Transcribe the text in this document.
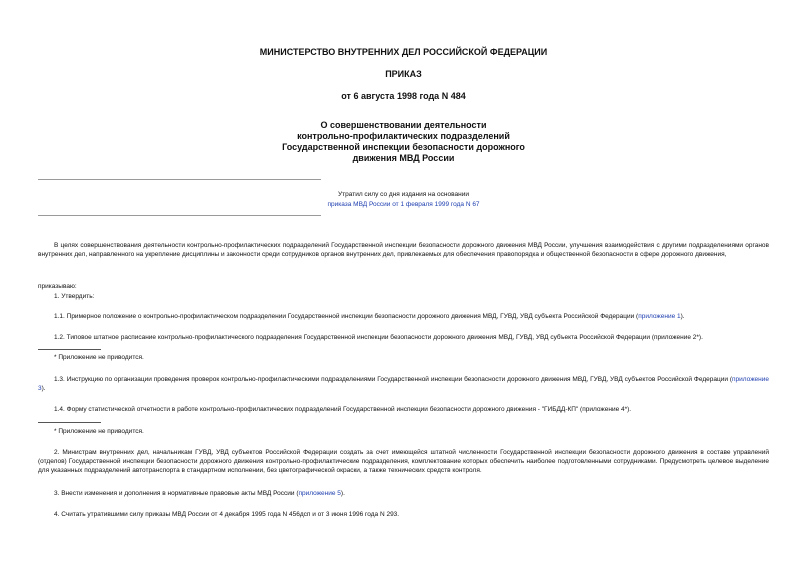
МИНИСТЕРСТВО ВНУТРЕННИХ ДЕЛ РОССИЙСКОЙ ФЕДЕРАЦИИ

ПРИКАЗ

от 6 августа 1998 года N 484

О совершенствовании деятельности

контрольно-профилактических подразделений

Государственной инспекции безопасности дорожного

движения МВД России

Утратил силу со дня издания на основании

приказа МВД России от 1 февраля 1999 года N 67

В целях совершенствования деятельности контрольно-профилактических подразделений Государственной инспекции безопасности дорожного движения МВД России, улучшения взаимодействия с другими подразделениями органов внутренних дел, направленного на укрепление дисциплины и законности среди сотрудников органов внутренних дел, привлекаемых для обеспечения правопорядка и общественной безопасности в сфере дорожного движения,

приказываю:

1. Утвердить:

1.1. Примерное положение о контрольно-профилактическом подразделении Государственной инспекции безопасности дорожного движения МВД, ГУВД, УВД субъекта Российской Федерации (приложение 1).

1.2. Типовое штатное расписание контрольно-профилактического подразделения Государственной инспекции безопасности дорожного движения МВД, ГУВД, УВД субъекта Российской Федерации (приложение 2*).

* Приложение не приводится.

1.3. Инструкцию по организации проведения проверок контрольно-профилактическими подразделениями Государственной инспекции безопасности дорожного движения МВД, ГУВД, УВД субъектов Российской Федерации (приложение 3).

1.4. Форму статистической отчетности в работе контрольно-профилактических подразделений Государственной инспекции безопасности дорожного движения - "ГИБДД-КП" (приложение 4*).

* Приложение не приводится.

2. Министрам внутренних дел, начальникам ГУВД, УВД субъектов Российской Федерации создать за счет имеющейся штатной численности Государственной инспекции безопасности дорожного движения в составе управлений (отделов) Государственной инспекции безопасности дорожного движения контрольно-профилактические подразделения, комплектование которых обеспечить наиболее подготовленными сотрудниками. Предусмотреть целевое выделение для указанных подразделений автотранспорта в стандартном исполнении, без цветографической окраски, а также технических средств контроля.

3. Внести изменения и дополнения в нормативные правовые акты МВД России (приложение 5).

4. Считать утратившими силу приказы МВД России от 4 декабря 1995 года N 456дсп и от 3 июня 1996 года N 293.
